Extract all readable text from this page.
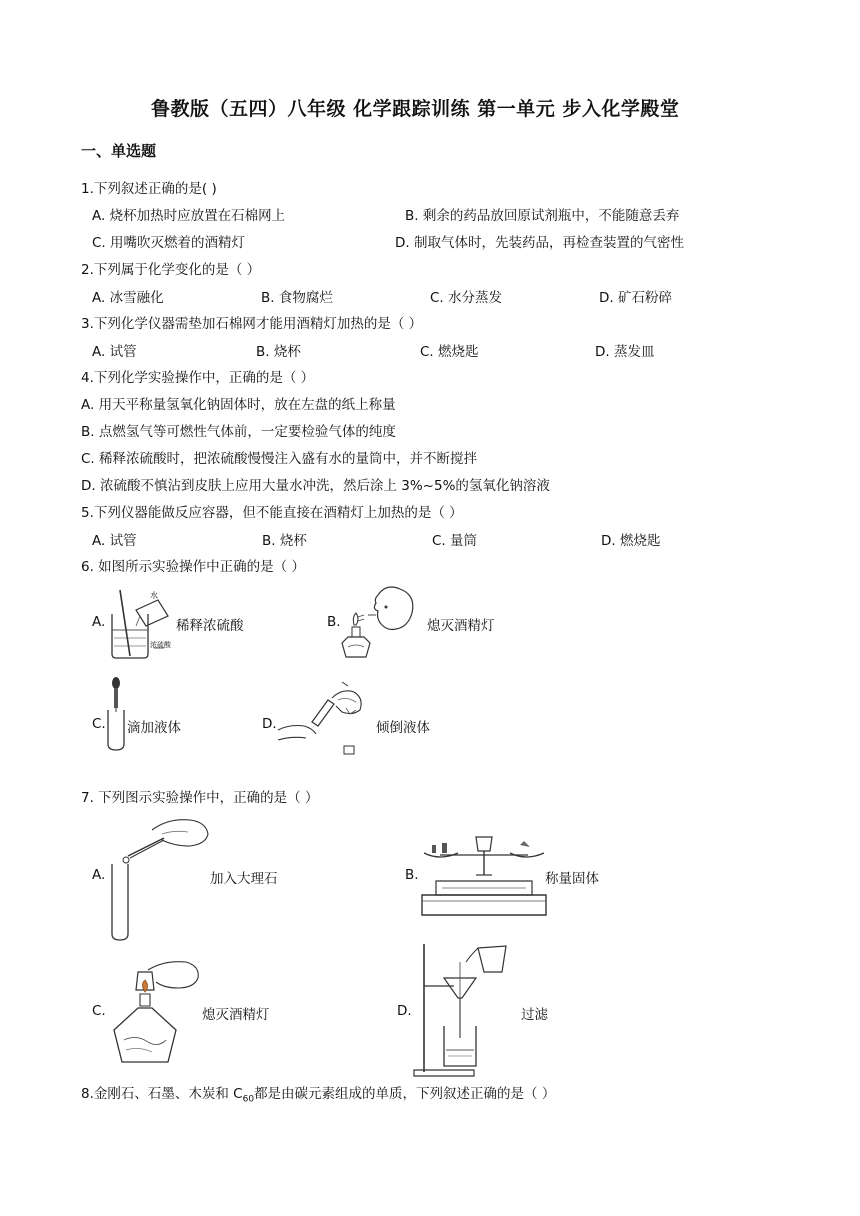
鲁教版（五四）八年级 化学跟踪训练 第一单元 步入化学殿堂
一、单选题
1.下列叙述正确的是( )
A. 烧杯加热时应放置在石棉网上	B. 剩余的药品放回原试剂瓶中，不能随意丢弃
C. 用嘴吹灭燃着的酒精灯	D. 制取气体时，先装药品，再检查装置的气密性
2.下列属于化学变化的是（ ）
A. 冰雪融化	B. 食物腐烂	C. 水分蒸发	D. 矿石粉碎
3.下列化学仪器需垫加石棉网才能用酒精灯加热的是（ ）
A. 试管	B. 烧杯	C. 燃烧匙	D. 蒸发皿
4.下列化学实验操作中，正确的是（ ）
A. 用天平称量氢氧化钠固体时，放在左盘的纸上称量
B. 点燃氢气等可燃性气体前，一定要检验气体的纯度
C. 稀释浓硫酸时，把浓硫酸慢慢注入盛有水的量筒中，并不断搅拌
D. 浓硫酸不慎沾到皮肤上应用大量水冲洗，然后涂上 3%~5%的氢氧化钠溶液
5.下列仪器能做反应容器，但不能直接在酒精灯上加热的是（ ）
A. 试管	B. 烧杯	C. 量筒	D. 燃烧匙
6. 如图所示实验操作中正确的是（ ）
A.
水
浓硫酸
稀释浓硫酸	B.	熄灭酒精灯
C. 滴加液体	D.	倾倒液体
7. 下列图示实验操作中，正确的是（ ）
A.	加入大理石	B.	称量固体
C.	熄灭酒精灯	D.	过滤
8.金刚石、石墨、木炭和 $C_{60}$都是由碳元素组成的单质，下列叙述正确的是（ ）
